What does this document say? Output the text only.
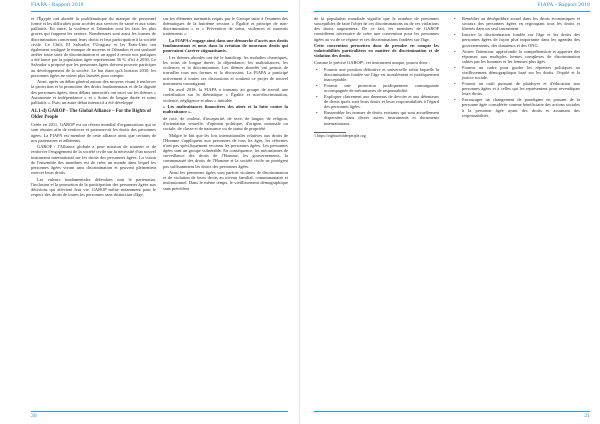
FIAPA - Rapport 2018

et l'Égypte ont abordé la problématique du manque de personnel formé et les difficultés pour accéder aux services de santé et aux soins palliatifs. En outre, la violence et l'abandon sont les faits les plus graves qui frappent les seniors. Nombreuses sont aussi les formes de discrimination concernant leurs droits et leur participation à la société civile. Le Chili, El Salvador, l'Uruguay et les États-Unis ont également souligné le manque de moyens et l'abandon et ont souhaité arrêter toute sorte de discrimination et un appel à revoir nos pratiques a été lancé par la population âgée représentant 56 % d'ici à 2030. Le Salvador a proposé que les personnes âgées doivent pouvoir participer au développement de la société. Le but étant qu'à horizon 2030, les personnes âgées ne soient plus laissées pour compte.

Ainsi, après un débat général autour des moyens visant à renforcer la protection et la promotion des droits fondamentaux et de la dignité des personnes âgées, deux débats interactifs ont suivi sur les thèmes « Autonomie et indépendance » et « Soins de longue durée et soins palliatifs ». Puis, un autre débat interactif a été développé

A1.1-d) GAROP - The Global Alliance – For the Rights of Older People

Créée en 2011, GAROP est un réseau mondial d'organisations qui se sont réunies afin de renforcer et promouvoir les droits des personnes âgées. La FIAPA est membre de cette alliance ainsi que certains de nos partenaires et adhérents.

GAROP : l'Alliance globale a pour mission de soutenir et de renforcer l'engagement de la société civile sur la nécessité d'un nouvel instrument international sur les droits des personnes âgées. La vision de l'ensemble des membres est de créer un monde dans lequel les personnes âgées vivant sans discrimination et peuvent pleinement exercer leurs droits.

Les valeurs fondamentales défendues sont le partenariat, l'inclusion et la promotion de la participation des personnes âgées aux décisions qui affectent leur vie. GAROP milite notamment pour le respect des droits de toutes les personnes sans distinction d'âge,

sur les éléments normatifs requis par le Groupe suite à l'examen des thématiques de la huitième session « Égalité et principe de non-discrimination » et « Prévention de soins, violences et mauvais traitements ».

La FIAPA s'engage ainsi dans une démarche d'accès aux droits fondamentaux et nous dans la création de nouveaux droits qui pourraient s'avérer stigmatisants.

Les thèmes abordés ont été le handicap, les maladies chroniques, les soins de longue durée, la dépendance, les maltraitances, les violences et la discrimination. Les thèmes abordés ont permis de travailler tous nos formes et la discussion. La FIAPA a participé activement à toutes ces discussions et soutient ce projet de nouvel instrument contraignant.

En avril 2018, la FIAPA a transmis au groupe de travail une contribution sur la thématique « Égalité et non-discrimination, violence, négligence et abus » intitulée

« Les maltraitances financières des aînés et la lutte contre la maltraitance ».

de race, de couleur, d'incapacité, de sexe, de langue, de religion, d'orientation sexuelle, d'opinion politique, d'origine nationale ou sociale, de classe et de naissance ou de statut de propriété.

Malgré le fait que les lois internationales relatives aux droits de l'Homme s'appliquent aux personnes de tous les âges, les réformes n'ont pas spécifiquement reconnu les personnes âgées. Les personnes âgées sont un groupe vulnérable. En conséquence, les mécanismes de surveillance des droits de l'Homme, les gouvernements, la communauté des droits de l'Homme et la société civile ne protègent pas suffisamment les droits des personnes âgées.

Ainsi les personnes âgées sont parfois victimes de discrimination et de violation de leurs droits au niveau familial, communautaire et institutionnel. Dans le même temps, le vieillissement démographique sans précédent

20
FIAPA - Rapport 2018

de la population mondiale signifie que le nombre de personnes susceptibles de faire l'objet de ces discriminations ou de ces violations des droits augmentera. De ce fait, les membres de GAROP considèrent nécessaire de créer une convention pour les personnes âgées au vu de ce régime et ces discriminations fondées sur l'âge.

Cette convention permettra donc de prendre en compte les vulnérabilités particulières en matière de discrimination et de violation des droits.

Comme le précise GAROP¹, cet instrument unique, pourra donc :

• Fournir une position définitive et universelle selon laquelle la discrimination fondée sur l'âge est moralement et juridiquement inacceptable.
• Fournir une protection juridiquement contraignante accompagnée de mécanismes de responsabilité.
• Expliquer clairement aux donneurs de devoirs et aux détenteurs de droits quels sont leurs droits et leurs responsabilités à l'égard des personnes âgées.
• Rassembler les normes de droits existants qui sont actuellement dispersées dans divers autres instruments et documents internationaux.
1 https://rightsofolderpeople.org
• Remédier au déséquilibre actuel dans les droits économiques et sociaux des personnes âgées en regroupant tous les droits et libertés dans un seul instrument.
• Inscrire la discrimination fondée sur l'âge et les droits des personnes âgées de façon plus importante dans les agendas des gouvernements, des donateurs et des ONG.
• Attirer l'attention, approfondir la compréhension et apporter des réponses aux multiples formes complexes de discrimination subies par les hommes et les femmes plus âgés.
• Fournir un cadre pour guider les réponses politiques au vieillissement démographique basé sur les droits, l'équité et la justice sociale.
• Fournir un outil puissant de plaidoyer et d'éducation aux personnes âgées et à celles qui les représentent pour revendiquer leurs droits.
• Encourager un changement de paradigme en passant de la personne âgée considérée comme bénéficiaire des actions sociales à la personne âgée ayant des droits et assumant des responsabilités.
21
